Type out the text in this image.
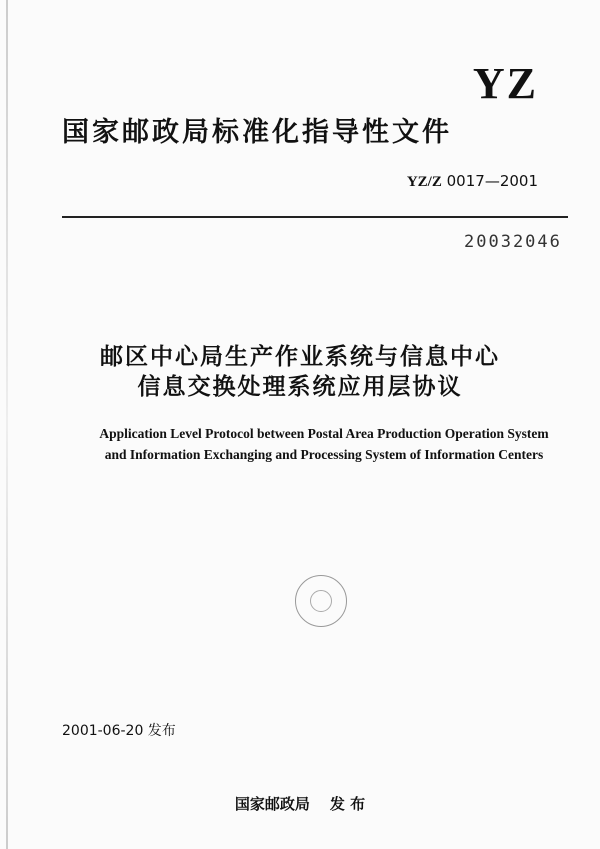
YZ
国家邮政局标准化指导性文件
YZ/Z 0017—2001
20032046
邮区中心局生产作业系统与信息中心
信息交换处理系统应用层协议
Application Level Protocol between Postal Area Production Operation System
and Information Exchanging and Processing System of Information Centers
2001-06-20 发布
国家邮政局 发 布
